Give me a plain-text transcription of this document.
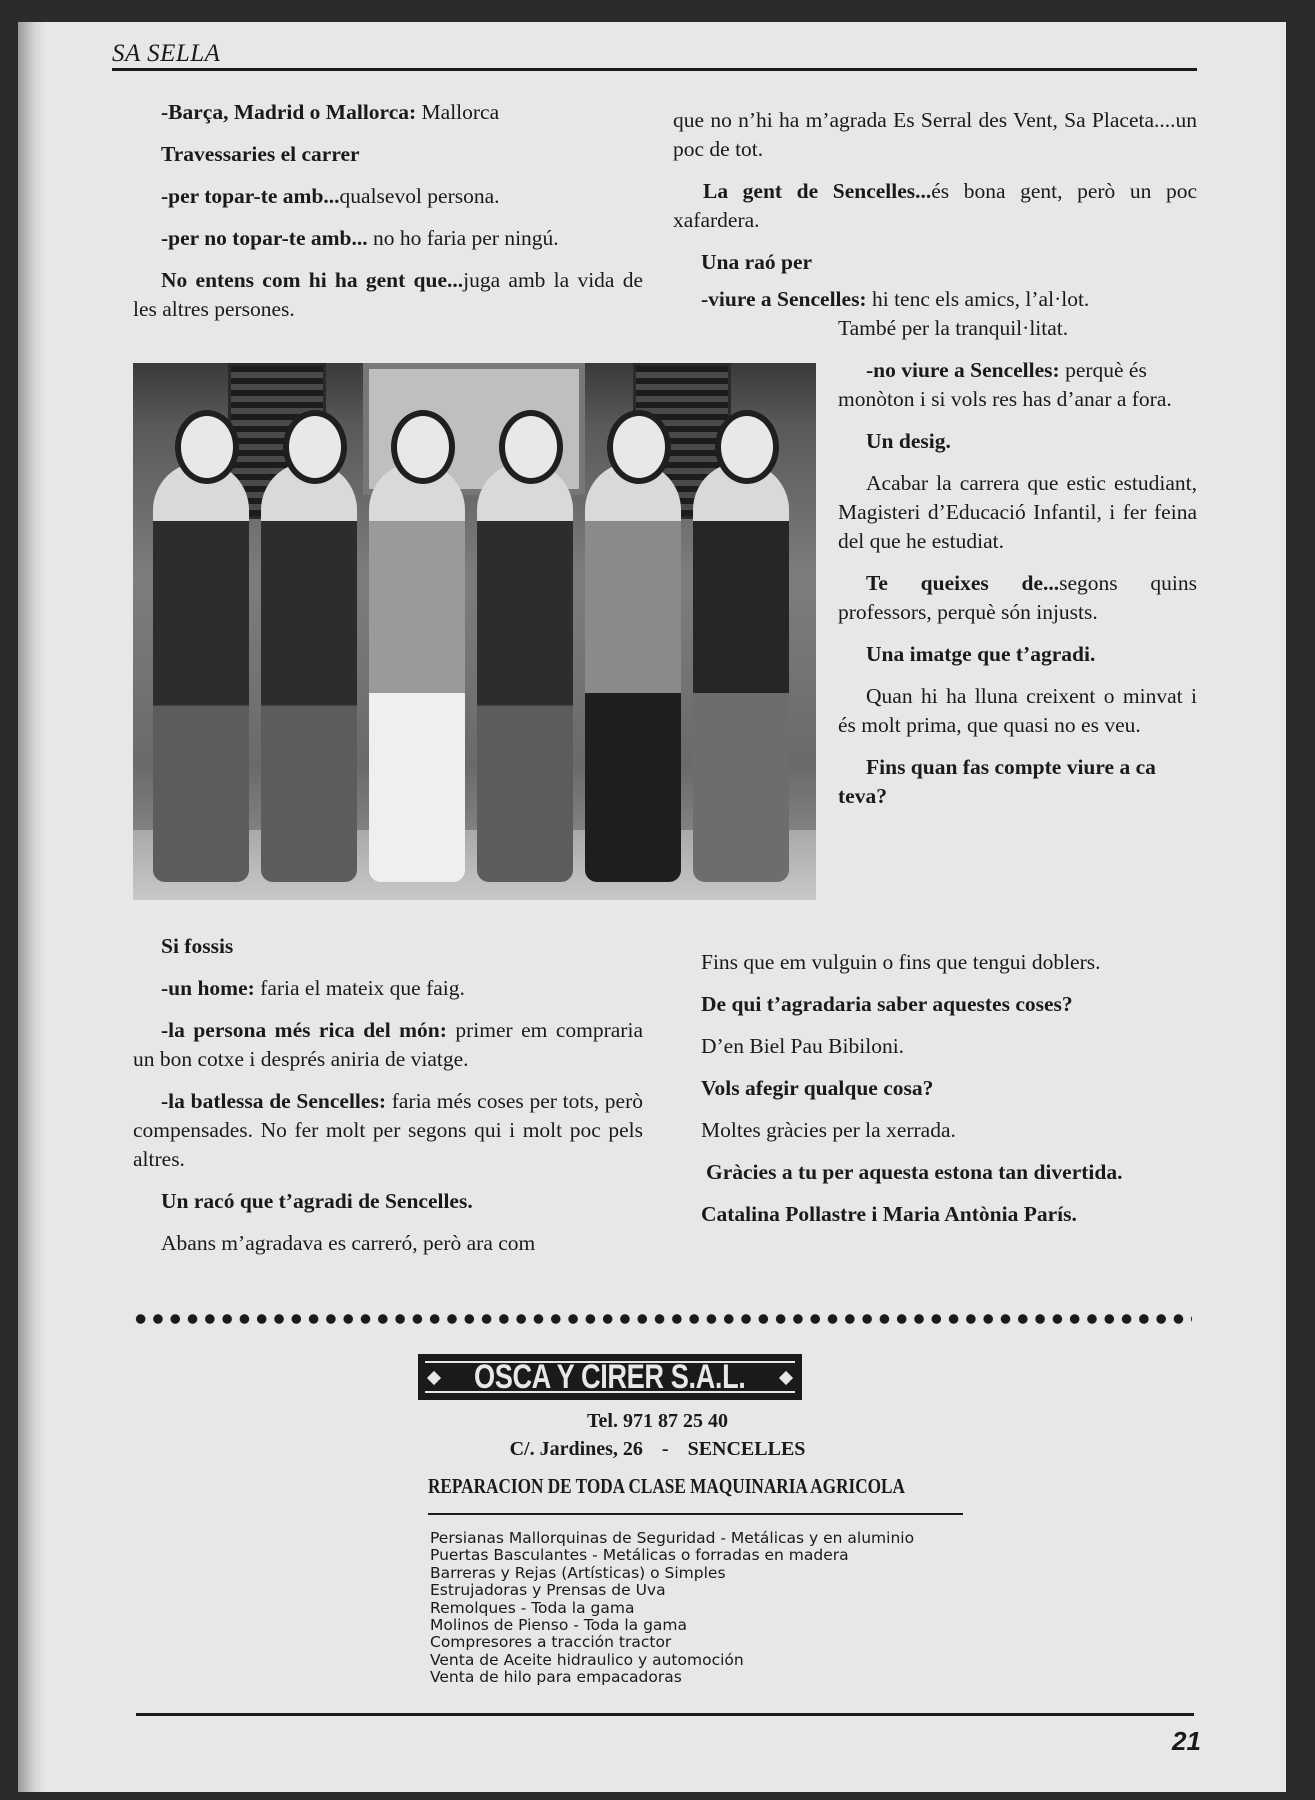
SA SELLA

-Barça, Madrid o Mallorca: Mallorca

Travessaries el carrer

-per topar-te amb...qualsevol persona.

-per no topar-te amb... no ho faria per ningú.

No entens com hi ha gent que...juga amb la vida de les altres persones.

Si fossis

-un home: faria el mateix que faig.

-la persona més rica del món: primer em compraria un bon cotxe i després aniria de viatge.

-la batlessa de Sencelles: faria més coses per tots, però compensades. No fer molt per segons qui i molt poc pels altres.

Un racó que t’agradi de Sencelles.

Abans m’agradava es carreró, però ara com

que no n’hi ha m’agrada Es Serral des Vent, Sa Placeta....un poc de tot.

La gent de Sencelles...és bona gent, però un poc xafardera.

Una raó per

-viure a Sencelles: hi tenc els amics, l’al·lot.

També per la tranquil·litat.

-no viure a Sencelles: perquè és monòton i si vols res has d’anar a fora.

Un desig.

Acabar la carrera que estic estudiant, Magisteri d’Educació Infantil, i fer feina del que he estudiat.

Te queixes de...segons quins professors, perquè són injusts.

Una imatge que t’agradi.

Quan hi ha lluna creixent o minvat i és molt prima, que quasi no es veu.

Fins quan fas compte viure a ca teva?

Fins que em vulguin o fins que tengui doblers.

De qui t’agradaria saber aquestes coses?

D’en Biel Pau Bibiloni.

Vols afegir qualque cosa?

Moltes gràcies per la xerrada.

Gràcies a tu per aquesta estona tan divertida.

Catalina Pollastre i Maria Antònia París.

OSCA Y CIRER S.A.L.
Tel. 971 87 25 40
C/. Jardines, 26 - SENCELLES
REPARACION DE TODA CLASE MAQUINARIA AGRICOLA
Persianas Mallorquinas de Seguridad - Metálicas y en aluminio
Puertas Basculantes - Metálicas o forradas en madera
Barreras y Rejas (Artísticas) o Simples
Estrujadoras y Prensas de Uva
Remolques - Toda la gama
Molinos de Pienso - Toda la gama
Compresores a tracción tractor
Venta de Aceite hidraulico y automoción
Venta de hilo para empacadoras
21
